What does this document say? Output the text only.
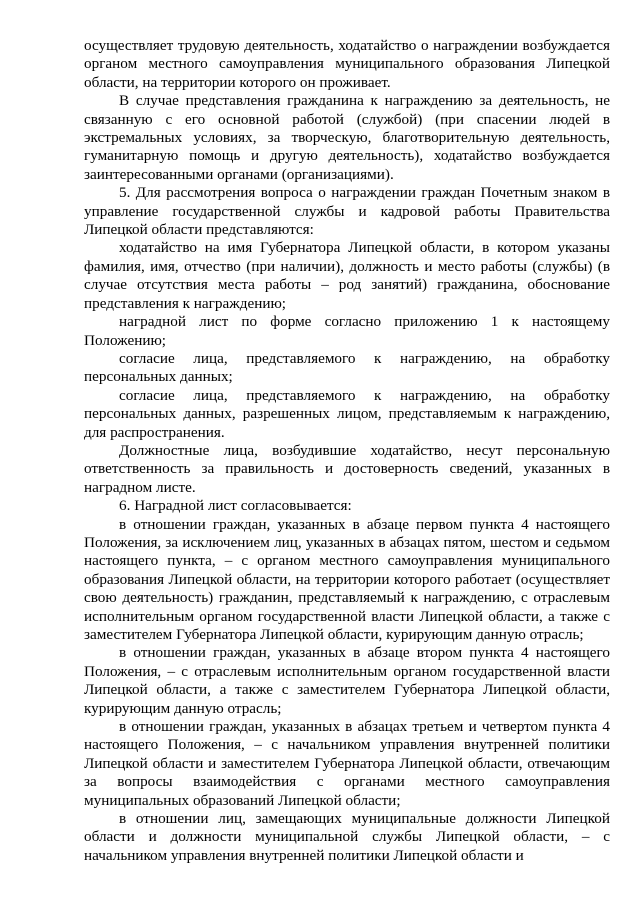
осуществляет трудовую деятельность, ходатайство о награждении возбуждается органом местного самоуправления муниципального образования Липецкой области, на территории которого он проживает.

В случае представления гражданина к награждению за деятельность, не связанную с его основной работой (службой) (при спасении людей в экстремальных условиях, за творческую, благотворительную деятельность, гуманитарную помощь и другую деятельность), ходатайство возбуждается заинтересованными органами (организациями).

5. Для рассмотрения вопроса о награждении граждан Почетным знаком в управление государственной службы и кадровой работы Правительства Липецкой области представляются:

ходатайство на имя Губернатора Липецкой области, в котором указаны фамилия, имя, отчество (при наличии), должность и место работы (службы) (в случае отсутствия места работы – род занятий) гражданина, обоснование представления к награждению;

наградной лист по форме согласно приложению 1 к настоящему Положению;

согласие лица, представляемого к награждению, на обработку персональных данных;

согласие лица, представляемого к награждению, на обработку персональных данных, разрешенных лицом, представляемым к награждению, для распространения.

Должностные лица, возбудившие ходатайство, несут персональную ответственность за правильность и достоверность сведений, указанных в наградном листе.

6. Наградной лист согласовывается:

в отношении граждан, указанных в абзаце первом пункта 4 настоящего Положения, за исключением лиц, указанных в абзацах пятом, шестом и седьмом настоящего пункта, – с органом местного самоуправления муниципального образования Липецкой области, на территории которого работает (осуществляет свою деятельность) гражданин, представляемый к награждению, с отраслевым исполнительным органом государственной власти Липецкой области, а также с заместителем Губернатора Липецкой области, курирующим данную отрасль;

в отношении граждан, указанных в абзаце втором пункта 4 настоящего Положения, – с отраслевым исполнительным органом государственной власти Липецкой области, а также с заместителем Губернатора Липецкой области, курирующим данную отрасль;

в отношении граждан, указанных в абзацах третьем и четвертом пункта 4 настоящего Положения, – с начальником управления внутренней политики Липецкой области и заместителем Губернатора Липецкой области, отвечающим за вопросы взаимодействия с органами местного самоуправления муниципальных образований Липецкой области;

в отношении лиц, замещающих муниципальные должности Липецкой области и должности муниципальной службы Липецкой области, – с начальником управления внутренней политики Липецкой области и
